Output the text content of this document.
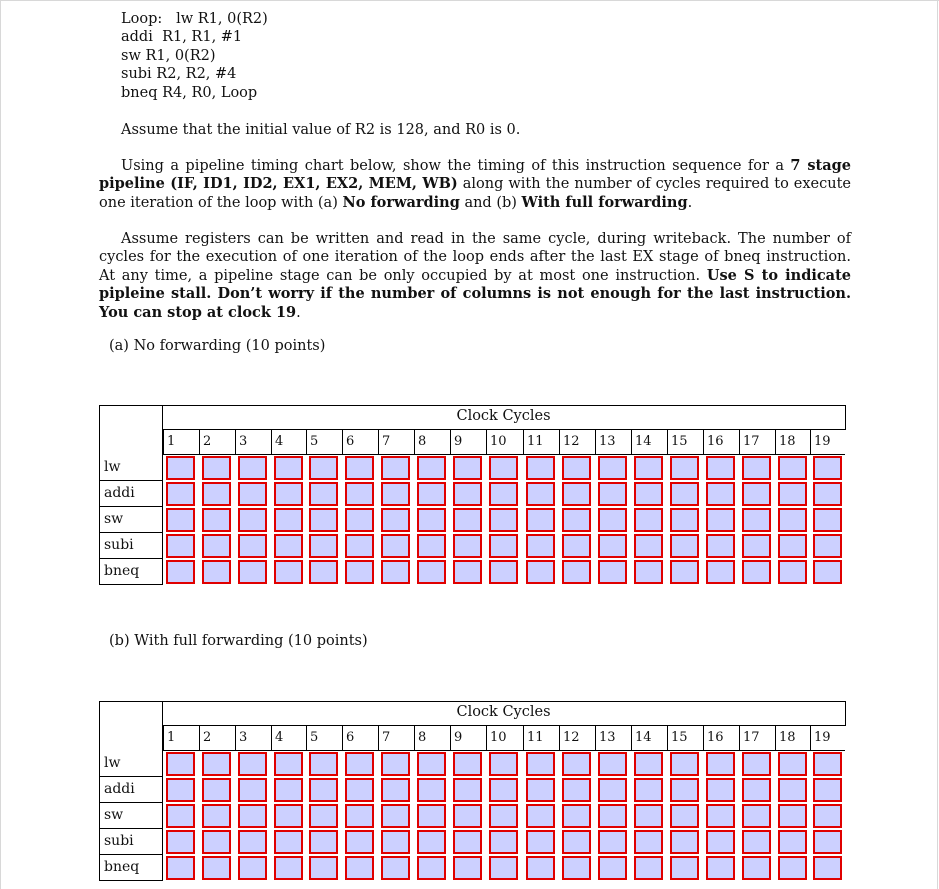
Loop:   lw R1, 0(R2)
addi  R1, R1, #1
sw R1, 0(R2)
subi R2, R2, #4
bneq R4, R0, Loop
Assume that the initial value of R2 is 128, and R0 is 0.
Using a pipeline timing chart below, show the timing of this instruction sequence for a 7 stage pipeline (IF, ID1, ID2, EX1, EX2, MEM, WB) along with the number of cycles required to execute one iteration of the loop with (a) No forwarding and (b) With full forwarding.
Assume registers can be written and read in the same cycle, during writeback. The number of cycles for the execution of one iteration of the loop ends after the last EX stage of bneq instruction. At any time, a pipeline stage can be only occupied by at most one instruction. Use S to indicate pipleine stall. Don’t worry if the number of columns is not enough for the last instruction. You can stop at clock 19.
(a) No forwarding (10 points)
Clock Cycles
1	2	3	4	5	6	7	8	9	10	11	12	13	14	15	16	17	18	19
lw
addi
sw
subi
bneq
(b) With full forwarding (10 points)
Clock Cycles
1	2	3	4	5	6	7	8	9	10	11	12	13	14	15	16	17	18	19
lw
addi
sw
subi
bneq
